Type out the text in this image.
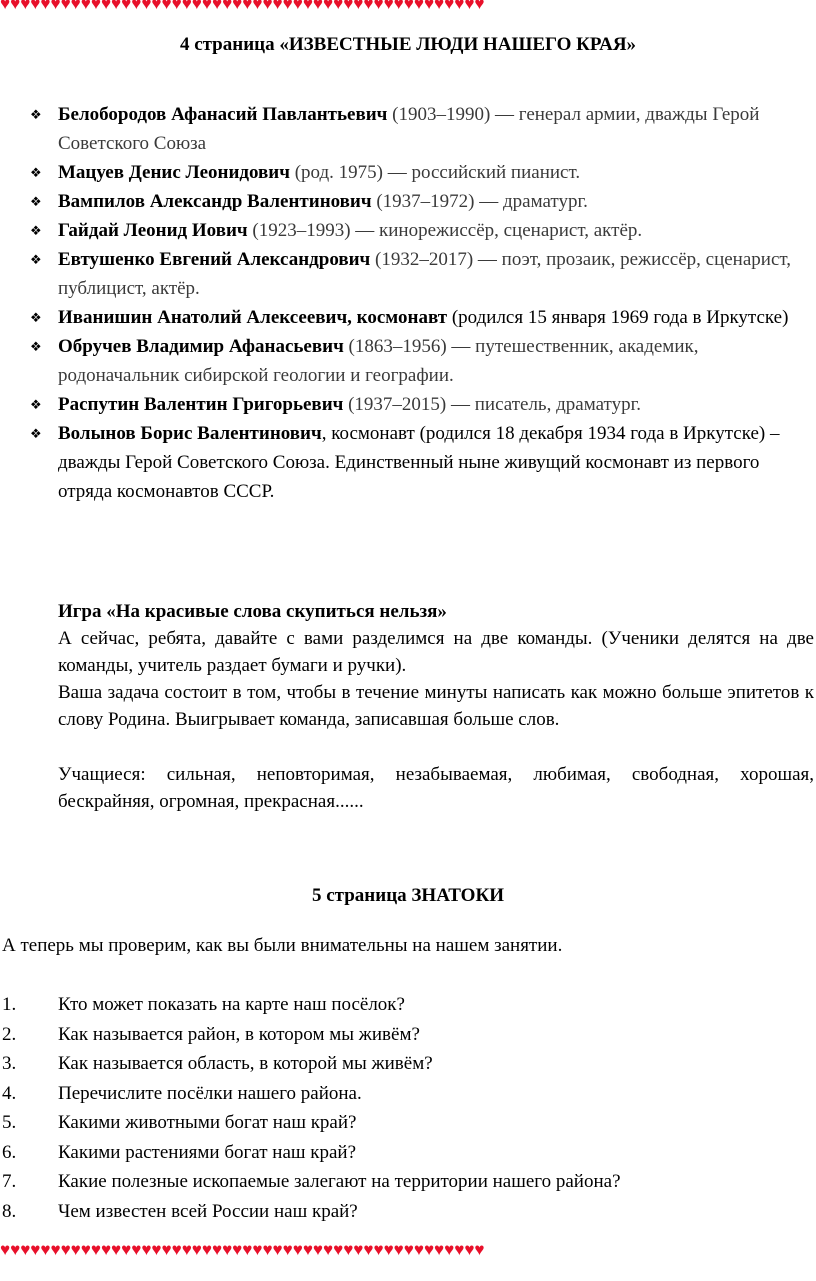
♥♥♥♥♥♥♥♥♥♥♥♥♥♥♥♥♥♥♥♥♥♥♥♥♥♥♥♥♥♥♥♥♥♥♥♥♥♥♥♥♥♥♥♥♥♥♥♥
4 страница «ИЗВЕСТНЫЕ ЛЮДИ НАШЕГО КРАЯ»
❖ Белобородов Афанасий Павлантьевич (1903–1990) — генерал армии, дважды Герой Советского Союза
❖ Мацуев Денис Леонидович (род. 1975) — российский пианист.
❖ Вампилов Александр Валентинович (1937–1972) — драматург.
❖ Гайдай Леонид Иович (1923–1993) — кинорежиссёр, сценарист, актёр.
❖ Евтушенко Евгений Александрович (1932–2017) — поэт, прозаик, режиссёр, сценарист, публицист, актёр.
❖ Иванишин Анатолий Алексеевич, космонавт (родился 15 января 1969 года в Иркутске)
❖ Обручев Владимир Афанасьевич (1863–1956) — путешественник, академик, родоначальник сибирской геологии и географии.
❖ Распутин Валентин Григорьевич (1937–2015) — писатель, драматург.
❖ Волынов Борис Валентинович, космонавт (родился 18 декабря 1934 года в Иркутске) – дважды Герой Советского Союза. Единственный ныне живущий космонавт из первого отряда космонавтов СССР.
Игра «На красивые слова скупиться нельзя»

А сейчас, ребята, давайте с вами разделимся на две команды. (Ученики делятся на две команды, учитель раздает бумаги и ручки).

Ваша задача состоит в том, чтобы в течение минуты написать как можно больше эпитетов к слову Родина. Выигрывает команда, записавшая больше слов.

Учащиеся: сильная, неповторимая, незабываемая, любимая, свободная, хорошая, бескрайняя, огромная, прекрасная......

5 страница ЗНАТОКИ
А теперь мы проверим, как вы были внимательны на нашем занятии.
1. Кто может показать на карте наш посёлок?
2. Как называется район, в котором мы живём?
3. Как называется область, в которой мы живём?
4. Перечислите посёлки нашего района.
5. Какими животными богат наш край?
6. Какими растениями богат наш край?
7. Какие полезные ископаемые залегают на территории нашего района?
8. Чем известен всей России наш край?
♥♥♥♥♥♥♥♥♥♥♥♥♥♥♥♥♥♥♥♥♥♥♥♥♥♥♥♥♥♥♥♥♥♥♥♥♥♥♥♥♥♥♥♥♥♥♥♥
